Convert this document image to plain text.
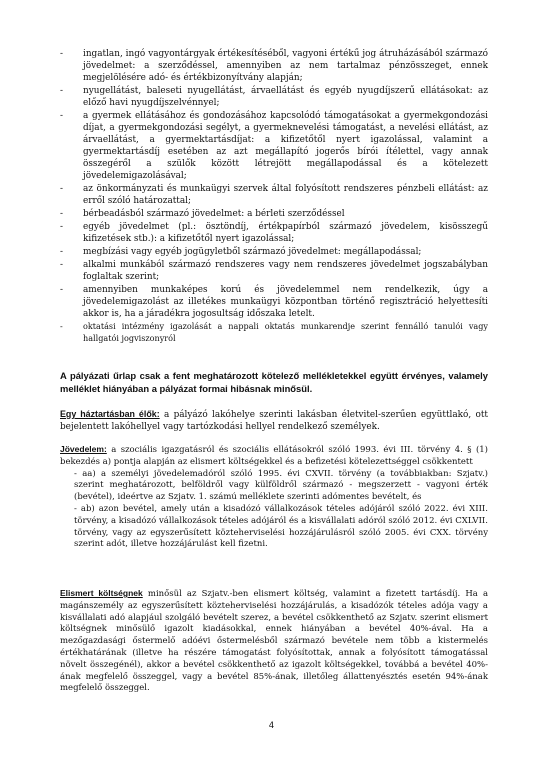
- ingatlan, ingó vagyontárgyak értékesítéséből, vagyoni értékű jog átruházásából származó jövedelmet: a szerződéssel, amennyiben az nem tartalmaz pénzösszeget, ennek megjelölésére adó- és értékbizonyítvány alapján;
- nyugellátást, baleseti nyugellátást, árvaellátást és egyéb nyugdíjszerű ellátásokat: az előző havi nyugdíjszelvénnyel;
- a gyermek ellátásához és gondozásához kapcsolódó támogatásokat a gyermekgondozási díjat, a gyermekgondozási segélyt, a gyermeknevelési támogatást, a nevelési ellátást, az árvaellátást, a gyermektartásdíjat: a kifizetőtől nyert igazolással, valamint a gyermektartásdíj esetében az azt megállapító jogerős bírói ítélettel, vagy annak összegéről a szülők között létrejött megállapodással és a kötelezett jövedelemigazolásával;
- az önkormányzati és munkaügyi szervek által folyósított rendszeres pénzbeli ellátást: az erről szóló határozattal;
- bérbeadásból származó jövedelmet: a bérleti szerződéssel
- egyéb jövedelmet (pl.: ösztöndíj, értékpapírból származó jövedelem, kisösszegű kifizetések stb.): a kifizetőtől nyert igazolással;
- megbízási vagy egyéb jogügyletből származó jövedelmet: megállapodással;
- alkalmi munkából származó rendszeres vagy nem rendszeres jövedelmet jogszabályban foglaltak szerint;
- amennyiben munkaképes korú és jövedelemmel nem rendelkezik, úgy a jövedelemigazolást az illetékes munkaügyi központban történő regisztráció helyettesíti akkor is, ha a járadékra jogosultság időszaka letelt.
-	oktatási intézmény igazolását a nappali oktatás munkarendje szerint fennálló tanulói vagy hallgatói jogviszonyról
A pályázati űrlap csak a fent meghatározott kötelező mellékletekkel együtt érvényes, valamely melléklet hiányában a pályázat formai hibásnak minősül.
Egy háztartásban élők: a pályázó lakóhelye szerinti lakásban életvitel-szerűen együttlakó, ott bejelentett lakóhellyel vagy tartózkodási hellyel rendelkező személyek.
Jövedelem: a szociális igazgatásról és szociális ellátásokról szóló 1993. évi III. törvény 4. § (1) bekezdés a) pontja alapján az elismert költségekkel és a befizetési kötelezettséggel csökkentett
- aa) a személyi jövedelemadóról szóló 1995. évi CXVII. törvény (a továbbiakban: Szjatv.) szerint meghatározott, belföldről vagy külföldről származó - megszerzett - vagyoni érték (bevétel), ideértve az Szjatv. 1. számú melléklete szerinti adómentes bevételt, és
- ab) azon bevétel, amely után a kisadózó vállalkozások tételes adójáról szóló 2022. évi XIII. törvény, a kisadózó vállalkozások tételes adójáról és a kisvállalati adóról szóló 2012. évi CXLVII. törvény, vagy az egyszerűsített közteherviselési hozzájárulásról szóló 2005. évi CXX. törvény szerint adót, illetve hozzájárulást kell fizetni.
Elismert költségnek minősül az Szjatv.-ben elismert költség, valamint a fizetett tartásdíj. Ha a magánszemély az egyszerűsített közteherviselési hozzájárulás, a kisadózók tételes adója vagy a kisvállalati adó alapjául szolgáló bevételt szerez, a bevétel csökkenthető az Szjatv. szerint elismert költségnek minősülő igazolt kiadásokkal, ennek hiányában a bevétel 40%-ával. Ha a mezőgazdasági őstermelő adóévi őstermelésből származó bevétele nem több a kistermelés értékhatárának (illetve ha részére támogatást folyósítottak, annak a folyósított támogatással növelt összegénél), akkor a bevétel csökkenthető az igazolt költségekkel, továbbá a bevétel 40%-ának megfelelő összeggel, vagy a bevétel 85%-ának, illetőleg állattenyésztés esetén 94%-ának megfelelő összeggel.
4
